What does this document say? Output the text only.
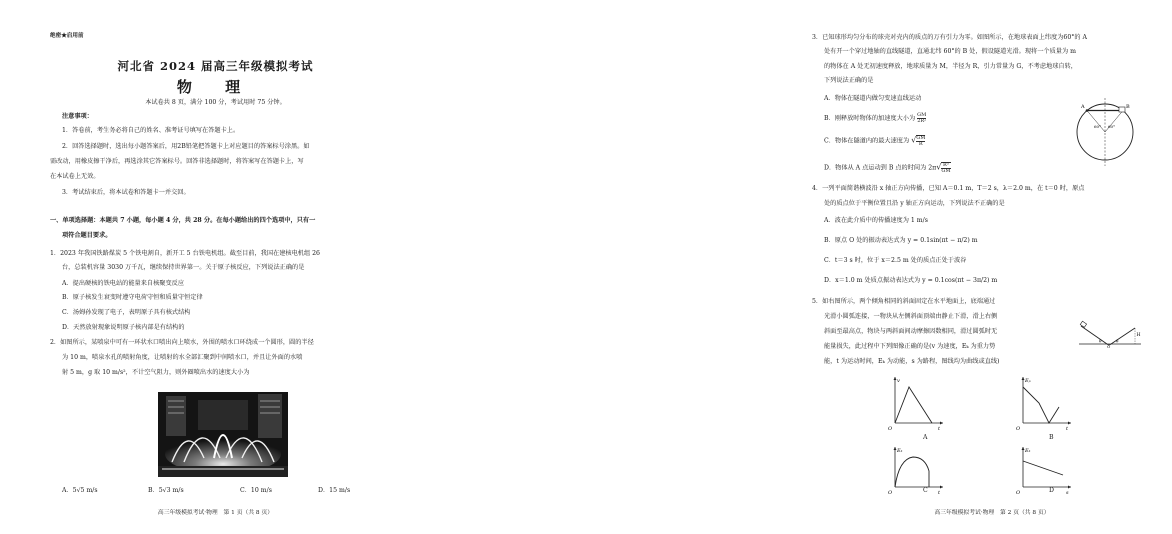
绝密★启用前
河北省 2024 届高三年级模拟考试
物 理
本试卷共 8 页，满分 100 分，考试用时 75 分钟。
注意事项：
1．答卷前，考生务必将自己的姓名、准考证号填写在答题卡上。
2．回答选择题时，选出每小题答案后，用2B铅笔把答题卡上对应题目的答案标号涂黑。如
需改动，用橡皮擦干净后，再选涂其它答案标号。回答非选择题时，将答案写在答题卡上，写
在本试卷上无效。
3．考试结束后，将本试卷和答题卡一并交回。
一、单项选择题：本题共 7 小题，每小题 4 分，共 28 分。在每小题给出的四个选项中，只有一
项符合题目要求。
1．2023 年我国铁路煤炭 5 个铁电割自，新开工 5 台铁电机组。截至目前，我国在建核电机组 26
台，总装机容量 3030 万千瓦，继续保持世界第一。关于原子核反应，下列说法正确的是
A．提出硬核的铁电站的能量来自核聚变反应
B．原子核发生衰变时遵守电荷守恒和质量守恒定律
C．汤姆孙发现了电子，表明原子具有核式结构
D．天然放射现象说明原子核内部是有结构的
2．如图所示，某喷泉中可有一环状水口喷出向上喷水，外围的喷水口环绕成一个圆形，圆的半径
为 10 m，喷泉水孔的喷射角度，让喷射的水全部汇聚到中间喷水口，并且让外面的水喷
射 5 m，g 取 10 m/s²，不计空气阻力，则外圈喷出水的速度大小为
A．5√5 m/s	B．5√3 m/s	C．10 m/s	D．15 m/s
高三年级模拟考试·物理　第 1 页（共 8 页）
3．已知球形均匀分布的球壳对壳内的质点的万有引力为零。如图所示，在地球表面上纬度为60°的 A
处有开一个穿过地轴的直线隧道，直通北纬 60°的 B 处，假设隧道光滑。现将一个质量为 m
的物体在 A 处无初速度释放，地球质量为 M，半径为 R，引力常量为 G，不考虑地球自转，
下列说法正确的是
A．物体在隧道内做匀变速直线运动
B．刚释放时物体的加速度大小为 $\frac{GM}{\text{2R²}}$
C．物体在隧道内的最大速度为 √ $\frac{GM}{R}$
D．物体从 A 点运动到 B 点的时间为 $2\pi√ \frac{\text{R³}}{GM}$
A	B
60° 60°
4．一列平面简谐横波沿 x 轴正方向传播，已知 A＝0.1 m，T＝2 s，λ＝2.0 m，在 t＝0 时，原点
处的质点位于平衡位置且沿 y 轴正方向运动，下列说法不正确的是
A．波在此介质中的传播速度为 1 m/s
B．原点 O 处的振动表达式为 y = 0.1sin(πt − π/2) m
C．t＝3 s 时，位于 x＝2.5 m 处的质点正处于波谷
D．x＝1.0 m 处质点振动表达式为 y = 0.1cos(πt − 3π/2) m
5．如右图所示，两个倾角相同的斜面固定在水平地面上，底端通过
光滑小圆弧连接，一物块从左侧斜面顶端由静止下滑，滑上右侧
斜面至最高点，物块与两斜面间动摩擦因数相同，滑过圆弧时无
能量损失，此过程中下列图像正确的是(v 为速度，Eₖ 为重力势
能，t 为运动时间，Eₖ 为动能，s 为路程，图线均为曲线或直线)
H
θ	θ
O
v
t
O
A
Eₚ
t
O
B
Eₖ
t
O	C
Eₖ
s
O	D
高三年级模拟考试·物理　第 2 页（共 8 页）
